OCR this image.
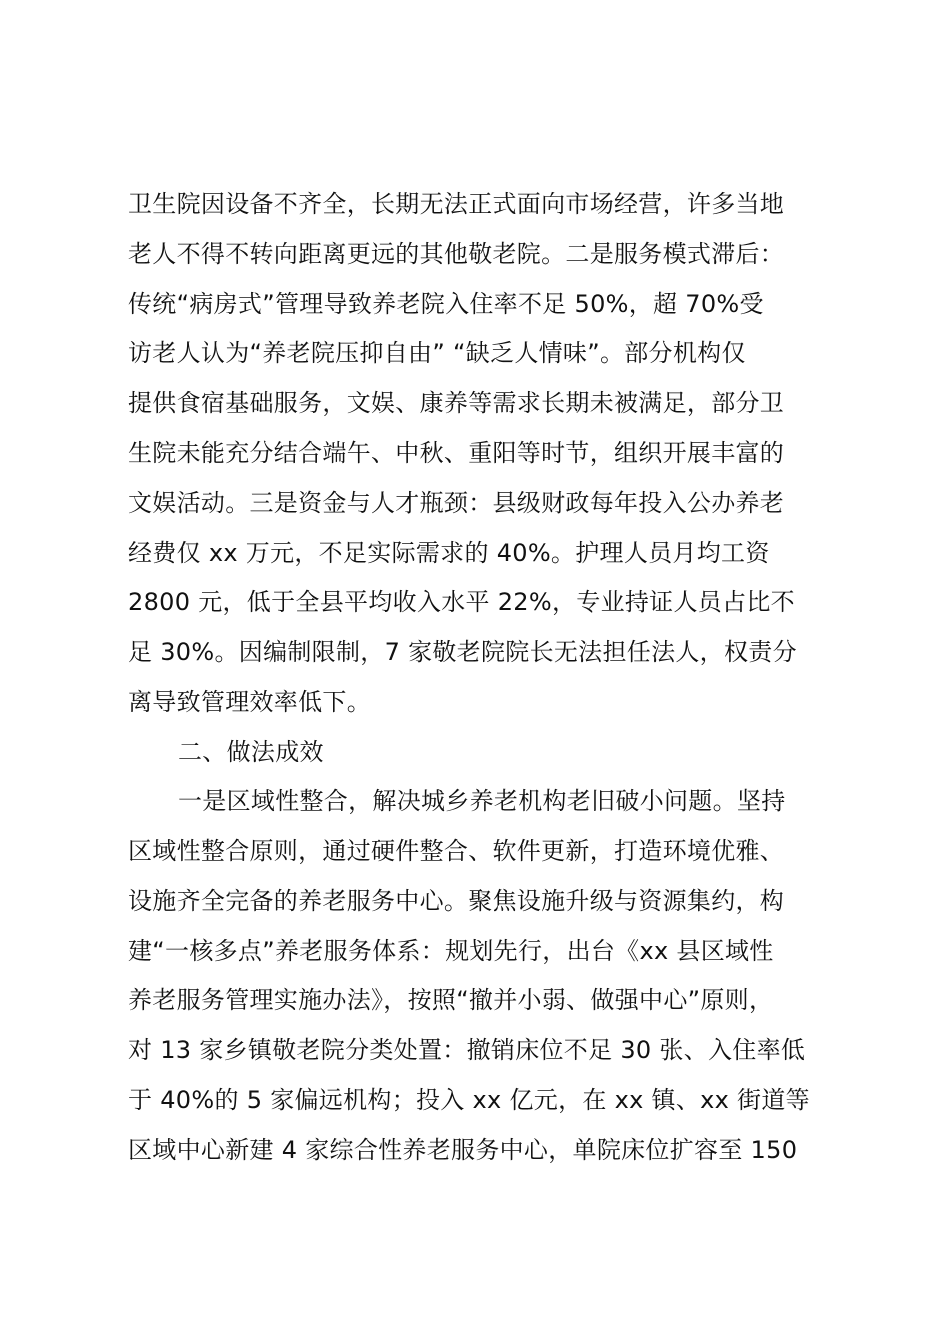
卫生院因设备不齐全，长期无法正式面向市场经营，许多当地
老人不得不转向距离更远的其他敬老院。二是服务模式滞后：
传统“病房式”管理导致养老院入住率不足 50%，超 70%受
访老人认为“养老院压抑自由” “缺乏人情味”。部分机构仅
提供食宿基础服务，文娱、康养等需求长期未被满足，部分卫
生院未能充分结合端午、中秋、重阳等时节，组织开展丰富的
文娱活动。三是资金与人才瓶颈：县级财政每年投入公办养老
经费仅 xx 万元，不足实际需求的 40%。护理人员月均工资
2800 元，低于全县平均收入水平 22%，专业持证人员占比不
足 30%。因编制限制，7 家敬老院院长无法担任法人，权责分
离导致管理效率低下。
二、做法成效
一是区域性整合，解决城乡养老机构老旧破小问题。坚持
区域性整合原则，通过硬件整合、软件更新，打造环境优雅、
设施齐全完备的养老服务中心。聚焦设施升级与资源集约，构
建“一核多点”养老服务体系：规划先行，出台《xx 县区域性
养老服务管理实施办法》，按照“撤并小弱、做强中心”原则，
对 13 家乡镇敬老院分类处置：撤销床位不足 30 张、入住率低
于 40%的 5 家偏远机构；投入 xx 亿元，在 xx 镇、xx 街道等
区域中心新建 4 家综合性养老服务中心，单院床位扩容至 150
